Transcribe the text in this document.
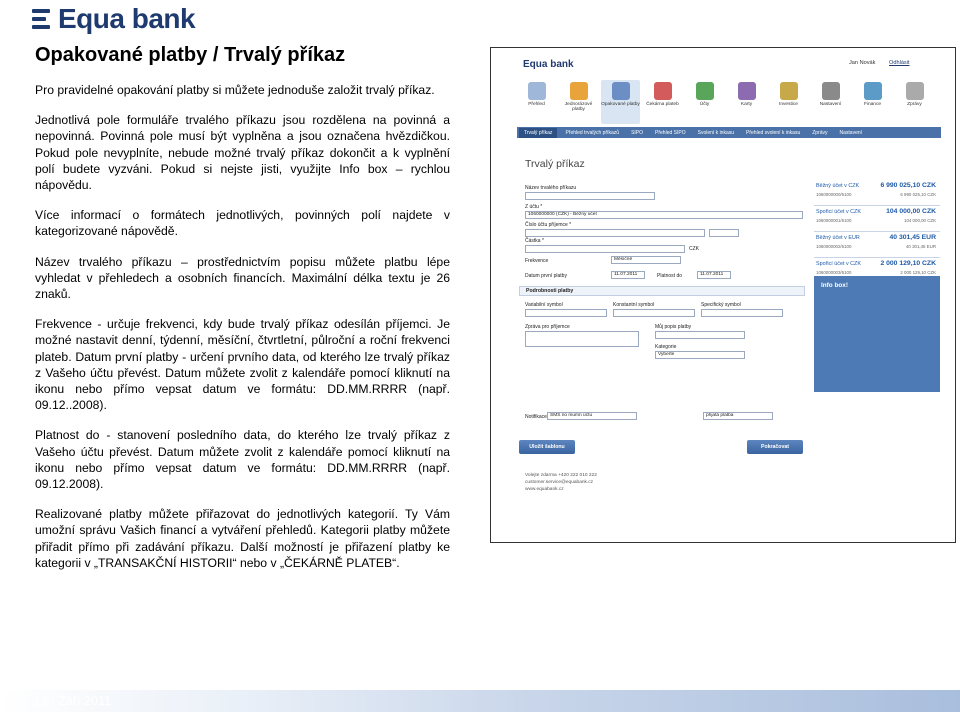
Equa bank
Opakované platby / Trvalý příkaz

Pro pravidelné opakování platby si můžete jednoduše založit trvalý příkaz.

Jednotlivá pole formuláře trvalého příkazu jsou rozdělena na povinná a nepovinná. Povinná pole musí být vyplněna a jsou označena hvězdičkou. Pokud pole nevyplníte, nebude možné trvalý příkaz dokončit a k vyplnění polí budete vyzváni. Pokud si nejste jisti, využijte Info box – rychlou nápovědu.

Více informací o formátech jednotlivých, povinných polí najdete v kategorizované nápovědě.

Název trvalého příkazu – prostřednictvím popisu můžete platbu lépe vyhledat v přehledech a osobních financích. Maximální délka textu je 26 znaků.

Frekvence - určuje frekvenci, kdy bude trvalý příkaz odesílán příjemci. Je možné nastavit denní, týdenní, měsíční, čtvrtletní, půlroční a roční frekvenci plateb. Datum první platby - určení prvního data, od kterého lze trvalý příkaz z Vašeho účtu převést. Datum můžete zvolit z kalendáře pomocí kliknutí na ikonu nebo přímo vepsat datum ve formátu: DD.MM.RRRR (např. 09.12..2008).

Platnost do - stanovení posledního data, do kterého lze trvalý příkaz z Vašeho účtu převést. Datum můžete zvolit z kalendáře pomocí kliknutí na ikonu nebo přímo vepsat datum ve formátu: DD.MM.RRRR (např. 09.12.2008).

Realizované platby můžete přiřazovat do jednotlivých kategorií. Ty Vám umožní správu Vašich financí a vytváření přehledů. Kategorii platby můžete přiřadit přímo při zadávání příkazu. Další možností je přiřazení platby ke kategorii v „TRANSAKČNÍ HISTORII“ nebo v „ČEKÁRNĚ PLATEB“.

Equa bank	Jan Novák Odhlásit
Přehled	Jednorázové platby
Opakované platby	Čekárna plateb	Účty	Karty	Investice	Nastavení	Finance	Zprávy
Trvalý příkaz	Přehled trvalých příkazů SIPO Přehled SIPO Svolení k inkasu Přehled svolení k inkasu Zprávy Nastavení
Trvalý příkaz
Název trvalého příkazu
Z účtu *
1060000000 (CZK) - Běžný účet
Číslo účtu příjemce *
Částka *
CZK
Frekvence	Měsíčně
Datum první platby	11.07.2011	Platnost do	11.07.2011
Podrobnosti platby
Variabilní symbol	Konstantní symbol	Specifický symbol
Zpráva pro příjemce	Můj popis platby
Kategorie
Vyberte
Notifikace SMS no mumn účtu	přijatá platba
Uložit šablonu	Pokračovat
Volejte zdarma +420 222 010 222
customer.service@equabank.cz
www.equabank.cz
Běžný účet v CZK	6 990 025,10 CZK
1060000000/6100	6 990 025,10 CZK
Spořicí účet v CZK	104 000,00 CZK
1060000001/6100	104 000,00 CZK
Běžný účet v EUR	40 301,45 EUR
1060000002/6100	40 301,45 EUR
Spořicí účet v CZK	2 000 129,10 CZK
1060000003/6100	2 000 129,10 CZK
Info box!
13 / Září 2011
